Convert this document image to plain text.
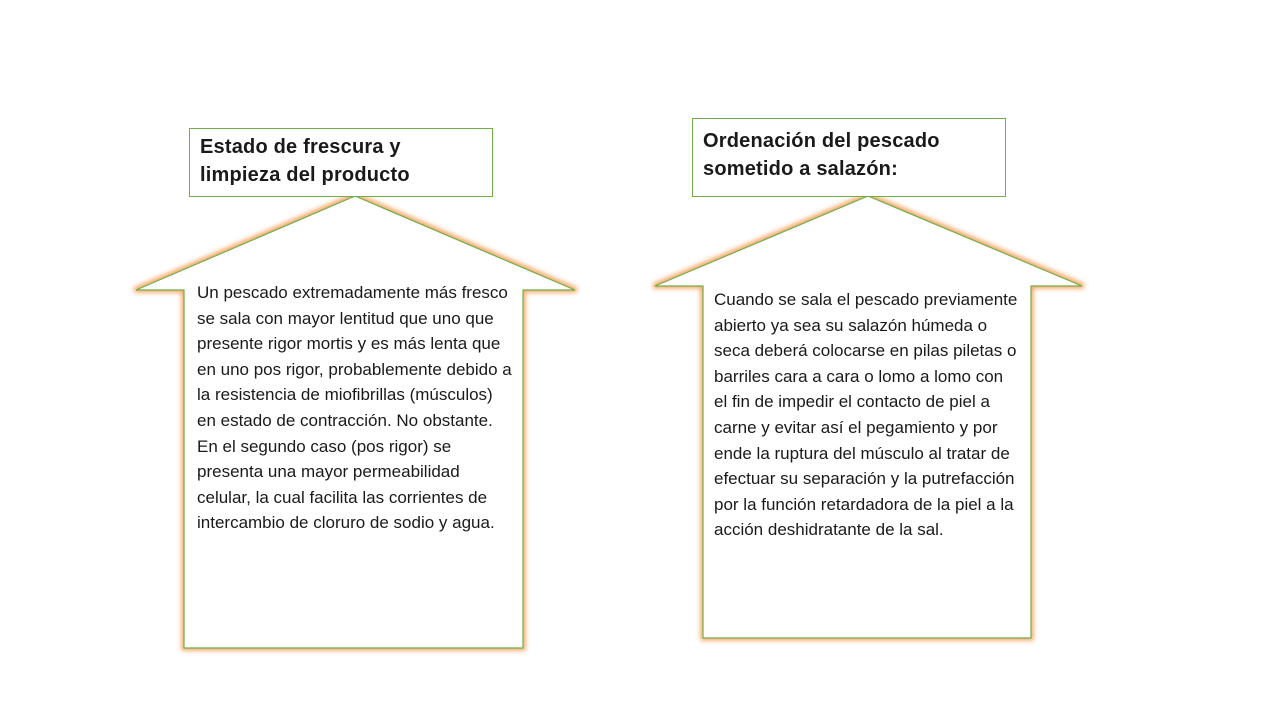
Estado de frescura y limpieza del producto
Ordenación del pescado sometido a salazón:
Un pescado extremadamente más fresco se sala con mayor lentitud que uno que presente rigor mortis y es más lenta que en uno pos rigor, probablemente debido a la resistencia de miofibrillas (músculos) en estado de contracción. No obstante. En el segundo caso (pos rigor) se presenta una mayor permeabilidad celular, la cual facilita las corrientes de intercambio de cloruro de sodio y agua.
Cuando se sala el pescado previamente abierto ya sea su salazón húmeda o seca deberá colocarse en pilas piletas o barriles cara a cara o lomo a lomo con el fin de impedir el contacto de piel a carne y evitar así el pegamiento y por ende la ruptura del músculo al tratar de efectuar su separación y la putrefacción por la función retardadora de la piel a la acción deshidratante de la sal.
